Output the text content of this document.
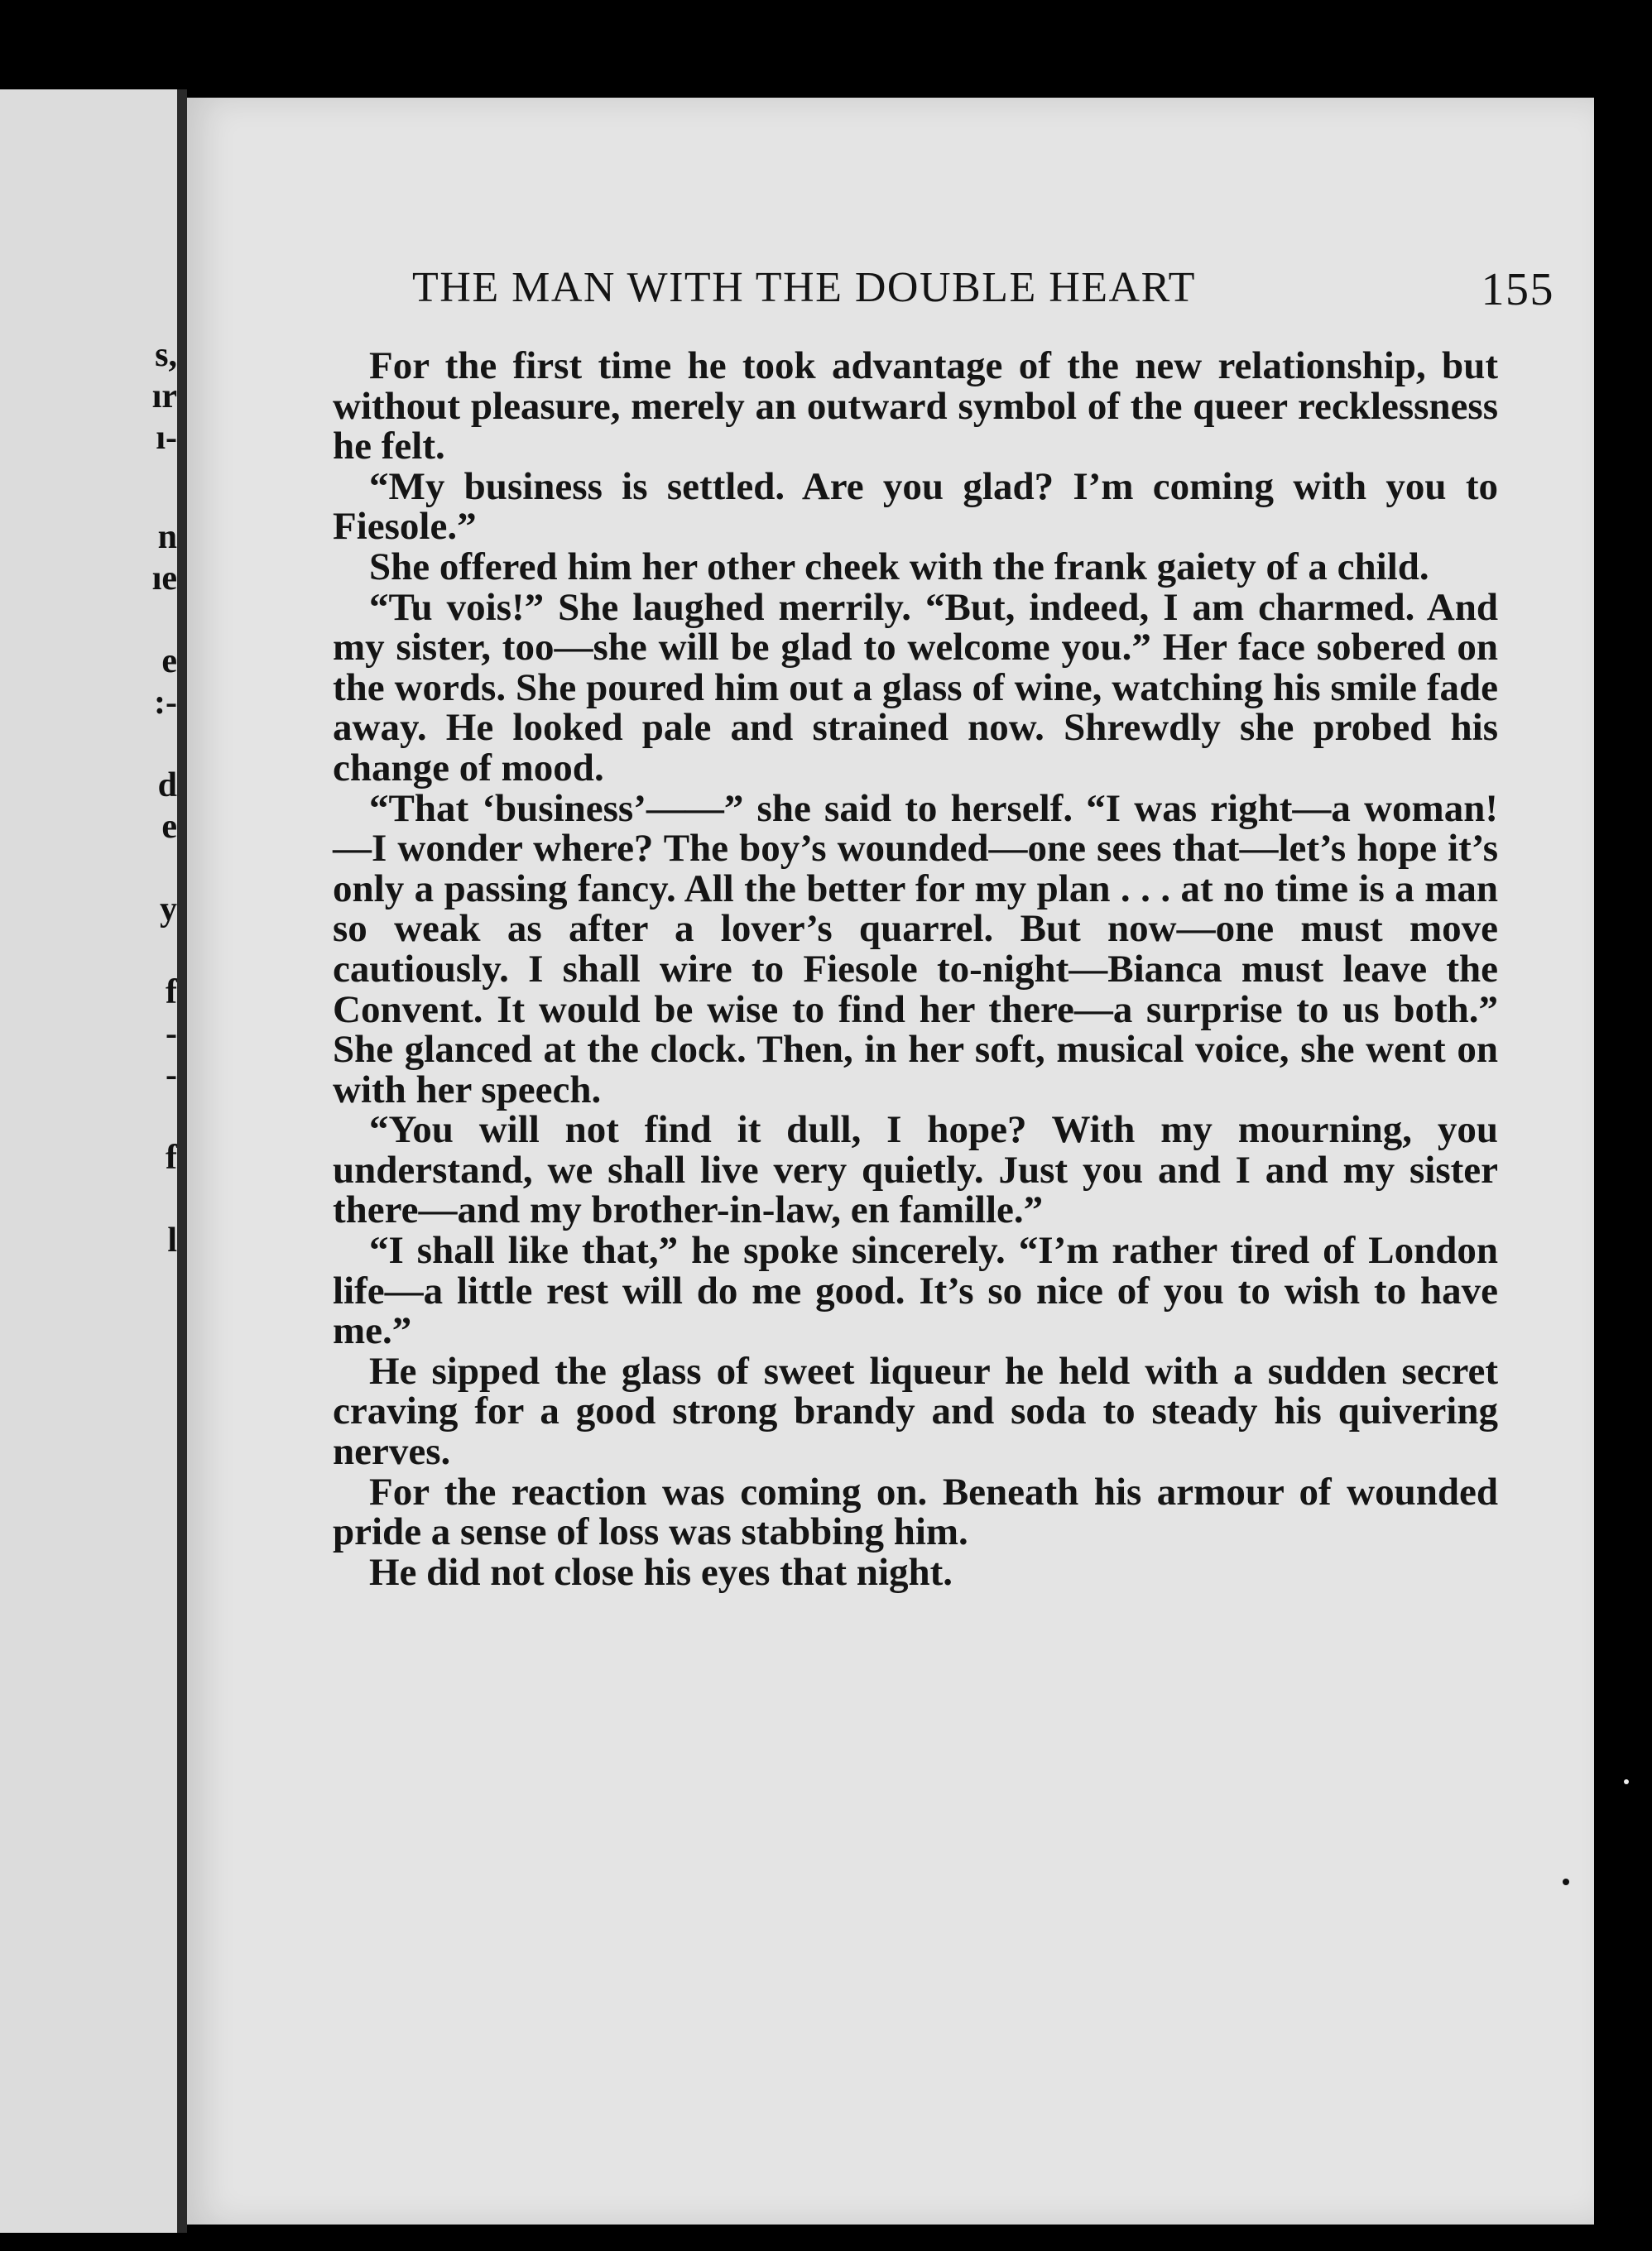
s,
ır
ı-
n
ıe
e
:-
d
e
y
f
-
-
f
l
THE MAN WITH THE DOUBLE HEART	155

For the first time he took advantage of the new relationship, but without pleasure, merely an outward symbol of the queer recklessness he felt.

“My business is settled. Are you glad? I’m coming with you to Fiesole.”

She offered him her other cheek with the frank gaiety of a child.

“Tu vois!” She laughed merrily. “But, indeed, I am charmed. And my sister, too—she will be glad to welcome you.” Her face sobered on the words. She poured him out a glass of wine, watching his smile fade away. He looked pale and strained now. Shrewdly she probed his change of mood.

“That ‘business’——” she said to herself. “I was right—a woman!—I wonder where? The boy’s wounded—one sees that—let’s hope it’s only a passing fancy. All the better for my plan . . . at no time is a man so weak as after a lover’s quarrel. But now—one must move cautiously. I shall wire to Fiesole to-night—Bianca must leave the Convent. It would be wise to find her there—a surprise to us both.” She glanced at the clock. Then, in her soft, musical voice, she went on with her speech.

“You will not find it dull, I hope? With my mourning, you understand, we shall live very quietly. Just you and I and my sister there—and my brother-in-law, en famille.”

“I shall like that,” he spoke sincerely. “I’m rather tired of London life—a little rest will do me good. It’s so nice of you to wish to have me.”

He sipped the glass of sweet liqueur he held with a sudden secret craving for a good strong brandy and soda to steady his quivering nerves.

For the reaction was coming on. Beneath his armour of wounded pride a sense of loss was stabbing him.

He did not close his eyes that night.
